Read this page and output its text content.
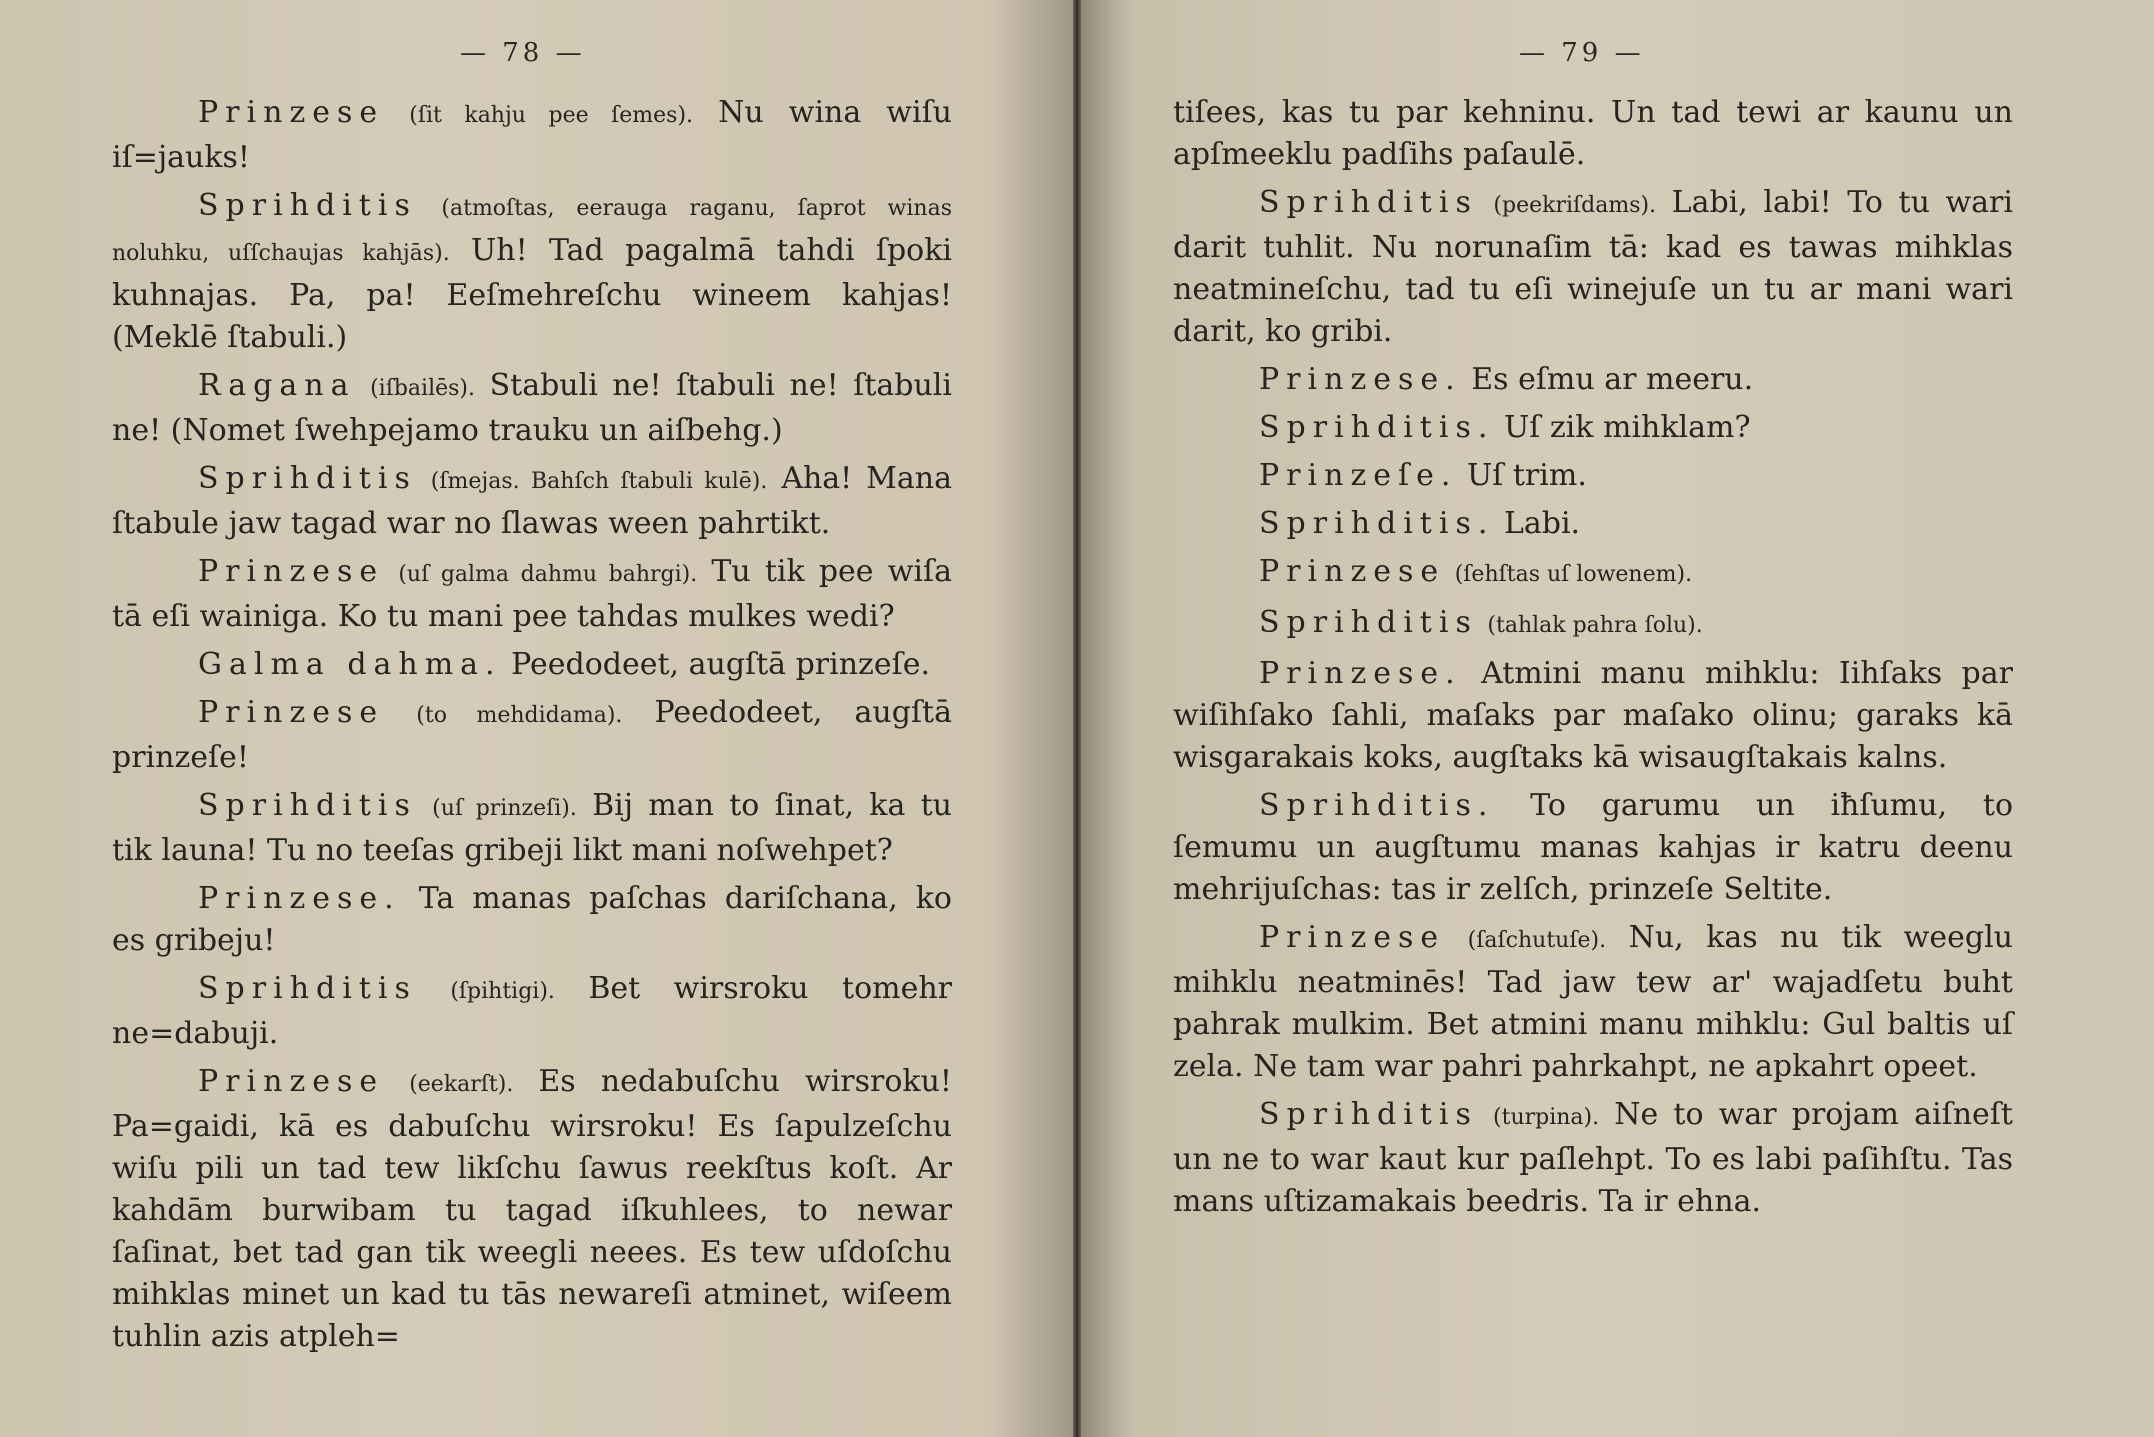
— 78 —

Prinzese (ſit kahju pee ſemes). Nu wina wiſu iſ=jauks!

Sprihditis (atmoſtas, eerauga raganu, ſaprot winas noluhku, uſſchaujas kahjās). Uh! Tad pagalmā tahdi ſpoki kuhnajas. Pa, pa! Eeſmehreſchu wineem kahjas! (Meklē ſtabuli.)

Ragana (iſbailēs). Stabuli ne! ſtabuli ne! ſtabuli ne! (Nomet ſwehpejamo trauku un aiſbehg.)

Sprihditis (ſmejas. Bahſch ſtabuli kulē). Aha! Mana ſtabule jaw tagad war no ſlawas ween pahrtikt.

Prinzese (uſ galma dahmu bahrgi). Tu tik pee wiſa tā eſi wainiga. Ko tu mani pee tahdas mulkes wedi?

Galma dahma. Peedodeet, augſtā prinzeſe.

Prinzese (to mehdidama). Peedodeet, augſtā prinzeſe!

Sprihditis (uſ prinzeſi). Bij man to ſinat, ka tu tik launa! Tu no teeſas gribeji likt mani noſwehpet?

Prinzese. Ta manas paſchas dariſchana, ko es gribeju!

Sprihditis (ſpihtigi). Bet wirsroku tomehr ne=dabuji.

Prinzese (eekarſt). Es nedabuſchu wirsroku! Pa=gaidi, kā es dabuſchu wirsroku! Es ſapulzeſchu wiſu pili un tad tew likſchu ſawus reekſtus koſt. Ar kahdām burwibam tu tagad iſkuhlees, to newar ſaſinat, bet tad gan tik weegli neees. Es tew uſdoſchu mihklas minet un kad tu tās newareſi atminet, wiſeem tuhlin azis atpleh=

— 79 —

tiſees, kas tu par kehninu. Un tad tewi ar kaunu un apſmeeklu padſihs paſaulē.

Sprihditis (peekriſdams). Labi, labi! To tu wari darit tuhlit. Nu norunaſim tā: kad es tawas mihklas neatmineſchu, tad tu eſi winejuſe un tu ar mani wari darit, ko gribi.

Prinzese. Es eſmu ar meeru.

Sprihditis. Uſ zik mihklam?

Prinzeſe. Uſ trim.

Sprihditis. Labi.

Prinzese (ſehſtas uſ lowenem).

Sprihditis (tahlak pahra ſolu).

Prinzese. Atmini manu mihklu: Iihſaks par wiſihſako ſahli, maſaks par maſako olinu; garaks kā wisgarakais koks, augſtaks kā wisaugſtakais kalns.

Sprihditis. To garumu un iħſumu, to ſemumu un augſtumu manas kahjas ir katru deenu mehrijuſchas: tas ir zelſch, prinzeſe Seltite.

Prinzese (ſaſchutuſe). Nu, kas nu tik weeglu mihklu neatminēs! Tad jaw tew ar' wajadſetu buht pahrak mulkim. Bet atmini manu mihklu: Gul baltis uſ zela. Ne tam war pahri pahrkahpt, ne apkahrt opeet.

Sprihditis (turpina). Ne to war projam aiſneſt un ne to war kaut kur paſlehpt. To es labi paſihſtu. Tas mans uſtizamakais beedris. Ta ir ehna.
